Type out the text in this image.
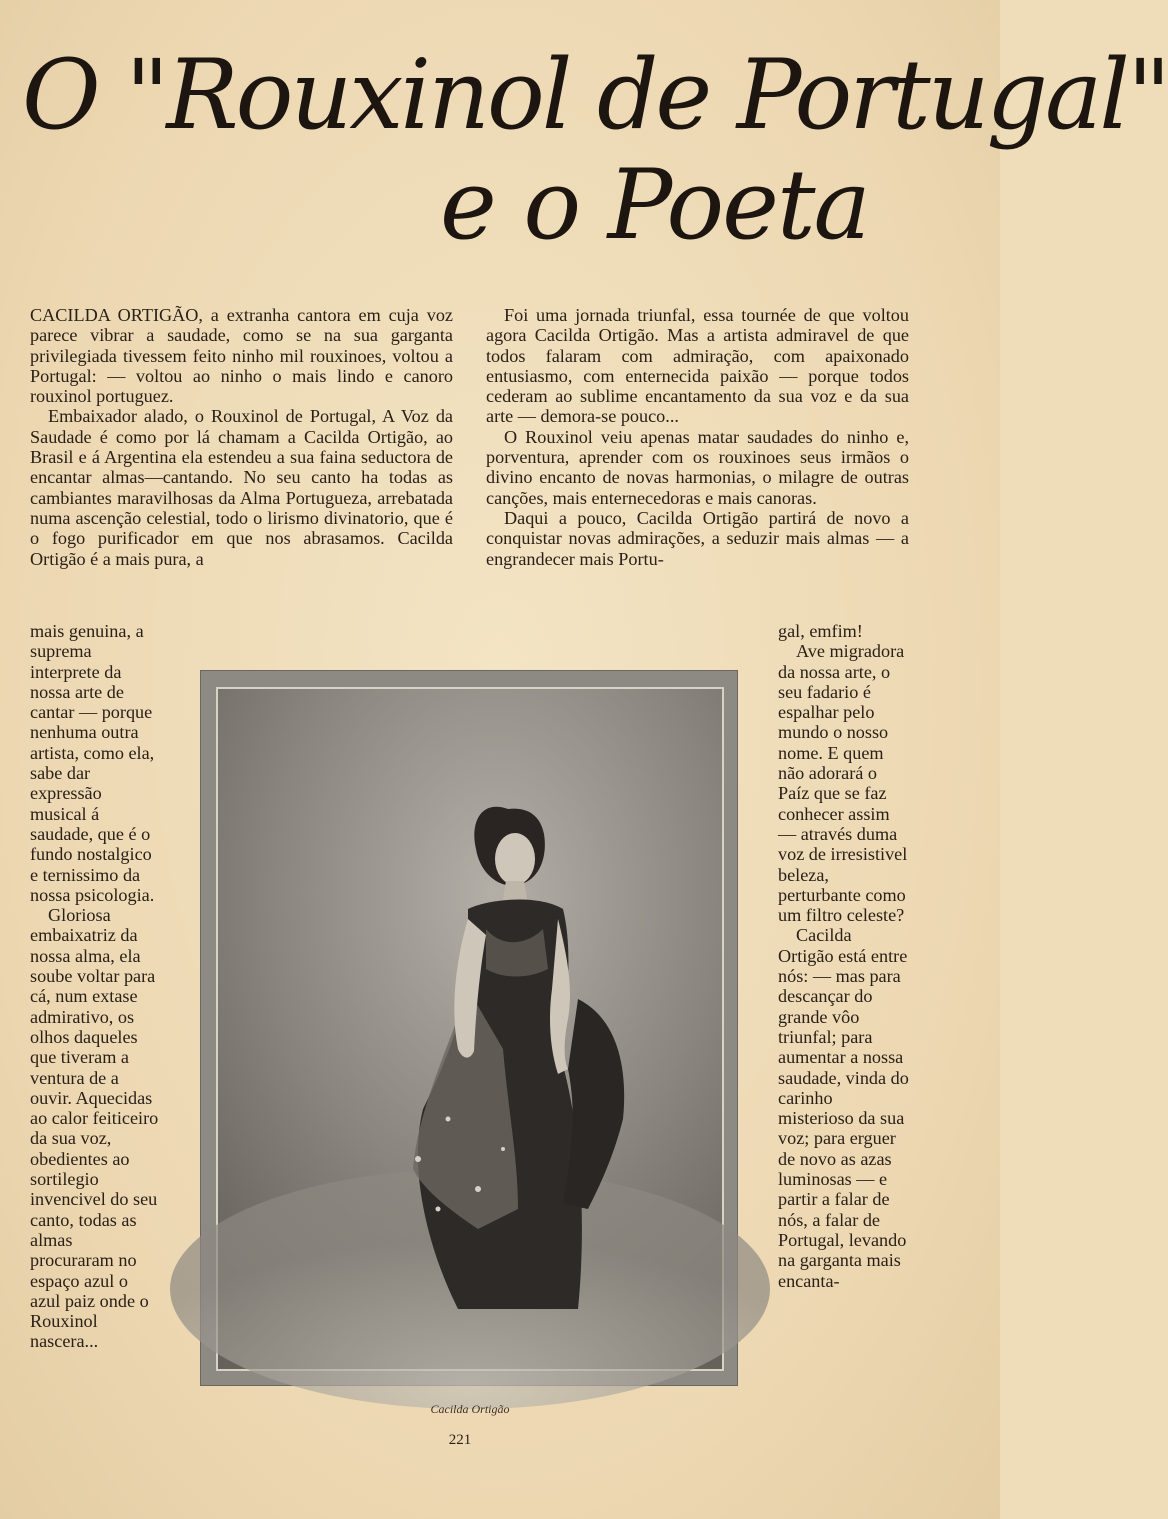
O "Rouxinol de Portugal"
e o Poeta

CACILDA ORTIGÃO, a extranha cantora em cuja voz parece vibrar a saudade, como se na sua garganta privilegiada tivessem feito ninho mil rouxinoes, voltou a Portugal: — voltou ao ninho o mais lindo e canoro rouxinol portuguez.

Embaixador alado, o Rouxinol de Portugal, A Voz da Saudade é como por lá chamam a Cacilda Ortigão, ao Brasil e á Argentina ela estendeu a sua faina seductora de encantar almas—cantando. No seu canto ha todas as cambiantes maravilhosas da Alma Portugueza, arrebatada numa ascenção celestial, todo o lirismo divinatorio, que é o fogo purificador em que nos abrasamos. Cacilda Ortigão é a mais pura, a

mais genuina, a suprema interprete da nossa arte de cantar — porque nenhuma outra artista, como ela, sabe dar expressão musical á saudade, que é o fundo nostalgico e ternissimo da nossa psicologia.

Gloriosa embaixatriz da nossa alma, ela soube voltar para cá, num extase admirativo, os olhos daqueles que tiveram a ventura de a ouvir. Aquecidas ao calor feiticeiro da sua voz, obedientes ao sortilegio invencivel do seu canto, todas as almas procuraram no espaço azul o azul paiz onde o Rouxinol nascera...

Foi uma jornada triunfal, essa tournée de que voltou agora Cacilda Ortigão. Mas a artista admiravel de que todos falaram com admiração, com apaixonado entusiasmo, com enternecida paixão — porque todos cederam ao sublime encantamento da sua voz e da sua arte — demora-se pouco...

O Rouxinol veiu apenas matar saudades do ninho e, porventura, aprender com os rouxinoes seus irmãos o divino encanto de novas harmonias, o milagre de outras canções, mais enternecedoras e mais canoras.

Daqui a pouco, Cacilda Ortigão partirá de novo a conquistar novas admirações, a seduzir mais almas — a engrandecer mais Portu-

gal, emfim!

Ave migradora da nossa arte, o seu fadario é espalhar pelo mundo o nosso nome. E quem não adorará o Paíz que se faz conhecer assim — através duma voz de irresistivel beleza, perturbante como um filtro celeste?

Cacilda Ortigão está entre nós: — mas para descançar do grande vôo triunfal; para aumentar a nossa saudade, vinda do carinho misterioso da sua voz; para erguer de novo as azas luminosas — e partir a falar de nós, a falar de Portugal, levando na garganta mais encanta-

Cacilda Ortigão
221
